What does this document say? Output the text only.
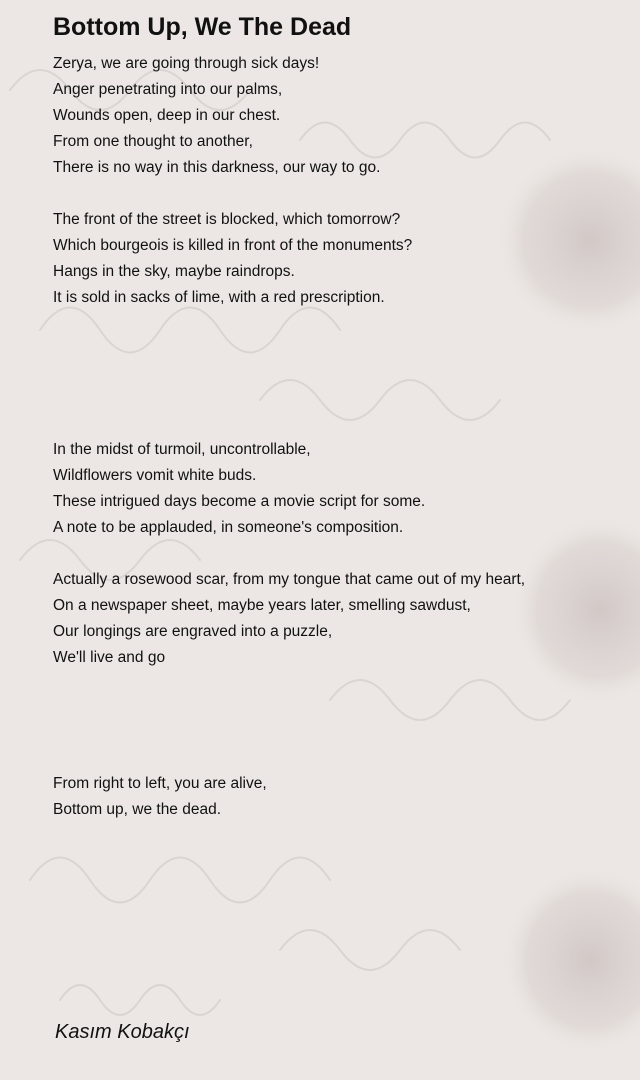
Bottom Up, We The Dead
Zerya, we are going through sick days!
Anger penetrating into our palms,
Wounds open, deep in our chest.
From one thought to another,
There is no way in this darkness, our way to go.
The front of the street is blocked, which tomorrow?
Which bourgeois is killed in front of the monuments?
Hangs in the sky, maybe raindrops.
It is sold in sacks of lime, with a red prescription.
In the midst of turmoil, uncontrollable,
Wildflowers vomit white buds.
These intrigued days become a movie script for some.
A note to be applauded, in someone's composition.
Actually a rosewood scar, from my tongue that came out of my heart,
On a newspaper sheet, maybe years later, smelling sawdust,
Our longings are engraved into a puzzle,
We'll live and go
From right to left, you are alive,
Bottom up, we the dead.
Kasım Kobakçı
